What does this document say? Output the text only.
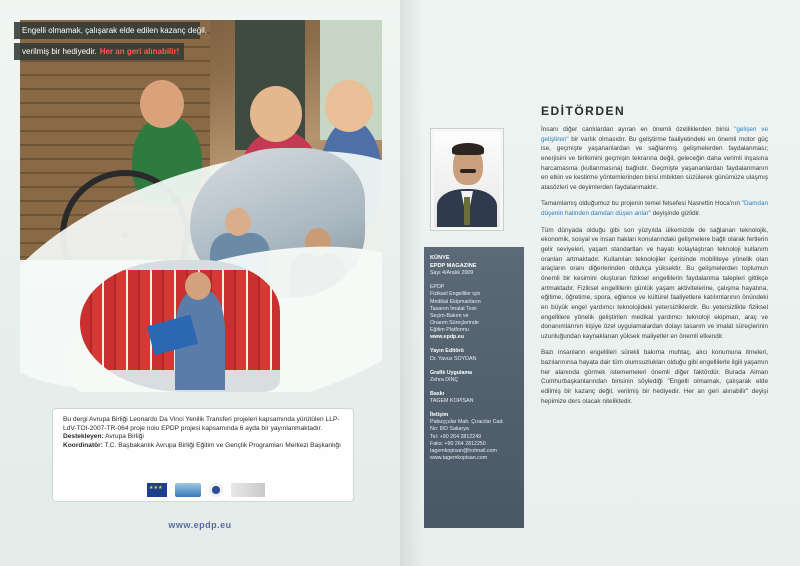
Engelli olmamak, çalışarak elde edilen kazanç değil,
verilmiş bir hediyedir. Her an geri alınabilir!
Bu dergi Avrupa Birliği Leonardo Da Vinci Yenilik Transferi projeleri kapsamında yürütülen LLP-LdV-TOI-2007-TR-064 proje nolu EPDP projesi kapsamında 6 ayda bir yayınlanmaktadır.
Destekleyen: Avrupa Birliği
Koordinatör: T.C. Başbakanlık Avrupa Birliği Eğitim ve Gençlik Programları Merkezi Başkanlığı
★★★
www.epdp.eu
EDİTÖRDEN
KÜNYE
EPDP MAGAZINE
Sayı 4/Aralık 2009
EPDP
Fiziksel Engelliler için
Medikal Ekipmanların
Tasarım İmalat Test-
Seçim-Bakım ve
Onarım Süreçlerinde
Eğitim Platformu
www.epdp.eu
Yayın Editörü
Dr. Yavuz SOYDAN
Grafik Uygulama
Zehra DİNÇ
Baskı
TAGEM KOPİSAN
İletişim
Pabuççular Mah. Çıracılar Cad.
No: 8/D Sakarya
Tel: +90 264 2812249
Faks: +90 264 2812250
tagemkopisan@hotmail.com
www.tagemkopisan.com

İnsanı diğer canlılardan ayıran en önemli özelliklerden birisi "gelişen ve geliştiren" bir varlık olmasıdır. Bu geliştirme faaliyetindeki en önemli motor güç ise, geçmişte yaşananlardan ve sağlanmış gelişmelerden faydalanması; enerjisini ve birikimini geçmişin tekrarına değil, geleceğin daha verimli inşasına harcamasına (kullanmasına) bağlıdır. Geçmişte yaşananlardan faydalanmanın en etkin ve kestirme yöntemlerinden birisi imbikten süzülerek günümüze ulaşmış atasözleri ve deyimlerden faydalanmaktır.

Tamamlamış olduğumuz bu projenin temel felsefesi Nasrettin Hoca'nın "Damdan düşenin halinden damdan düşen anlar" deyişinde gizlidir.

Tüm dünyada olduğu gibi son yüzyılda ülkemizde de sağlanan teknolojik, ekonomik, sosyal ve insan hakları konularındaki gelişmelere bağlı olarak fertlerin gelir seviyeleri, yaşam standartları ve hayatı kolaylaştıran teknoloji kullanım oranları artmaktadır. Kullanılan teknolojiler içerisinde mobiliteye yönelik olan araçların oranı diğerlerinden oldukça yüksektir. Bu gelişmelerden toplumun önemli bir kesimini oluşturan fiziksel engellilerin faydalanma talepleri gittikçe artmaktadır. Fiziksel engellilerin günlük yaşam aktivitelerine, çalışma hayatına, eğitime, öğretime, spora, eğlence ve kültürel faaliyetlere katılımlarının önündeki en büyük engel yardımcı teknolojideki yetersizliklerdir. Bu yetersizlikte fiziksel engellilere yönelik geliştirilen medikal yardımcı teknoloji ekipman, araç ve donanımlarının kişiye özel uygulamalardan dolayı tasarım ve imalat süreçlerinin uzunluğundan kaynaklanan yüksek maliyetler en önemli etkendir.

Bazı insanların engellileri sürekli bakıma muhtaç, alıcı konumuna itmeleri, bazılarınınsa hayata dair tüm olumsuzlukları olduğu gibi engellilerle ilgili yaşamın her alanında görmek istememeleri önemli diğer faktördür. Burada Alman Cumhurbaşkanlarından birisinin söylediği "Engelli olmamak, çalışarak elde edilmiş bir kazanç değil, verilmiş bir hediyedir. Her an geri alınabilir" deyişi hepimize ders olacak niteliktedir.
